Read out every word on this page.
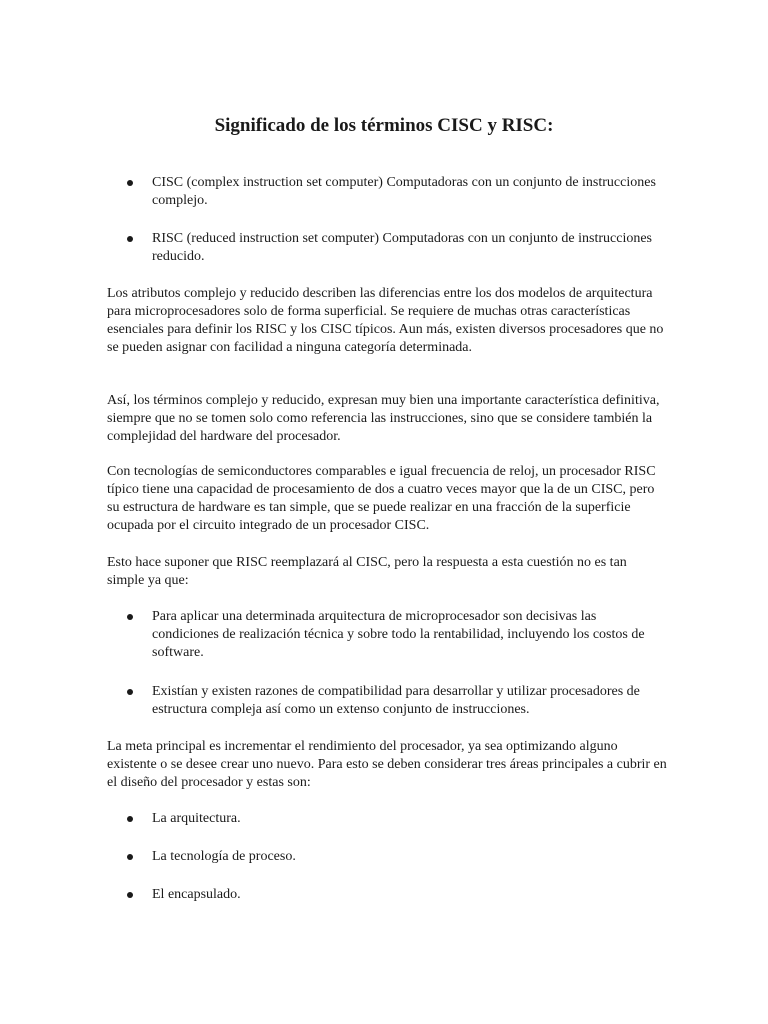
Significado de los términos CISC y RISC:
CISC (complex instruction set computer) Computadoras con un conjunto de instrucciones complejo.
RISC (reduced instruction set computer) Computadoras con un conjunto de instrucciones reducido.
Los atributos complejo y reducido describen las diferencias entre los dos modelos de arquitectura para microprocesadores solo de forma superficial. Se requiere de muchas otras características esenciales para definir los RISC y los CISC típicos. Aun más, existen diversos procesadores que no se pueden asignar con facilidad a ninguna categoría determinada.
Así, los términos complejo y reducido, expresan muy bien una importante característica definitiva, siempre que no se tomen solo como referencia las instrucciones, sino que se considere también la complejidad del hardware del procesador.
Con tecnologías de semiconductores comparables e igual frecuencia de reloj, un procesador RISC típico tiene una capacidad de procesamiento de dos a cuatro veces mayor que la de un CISC, pero su estructura de hardware es tan simple, que se puede realizar en una fracción de la superficie ocupada por el circuito integrado de un procesador CISC.
Esto hace suponer que RISC reemplazará al CISC, pero la respuesta a esta cuestión no es tan simple ya que:
Para aplicar una determinada arquitectura de microprocesador son decisivas las condiciones de realización técnica y sobre todo la rentabilidad, incluyendo los costos de software.
Existían y existen razones de compatibilidad para desarrollar y utilizar procesadores de estructura compleja así como un extenso conjunto de instrucciones.
La meta principal es incrementar el rendimiento del procesador, ya sea optimizando alguno existente o se desee crear uno nuevo. Para esto se deben considerar tres áreas principales a cubrir en el diseño del procesador y estas son:
La arquitectura.
La tecnología de proceso.
El encapsulado.
